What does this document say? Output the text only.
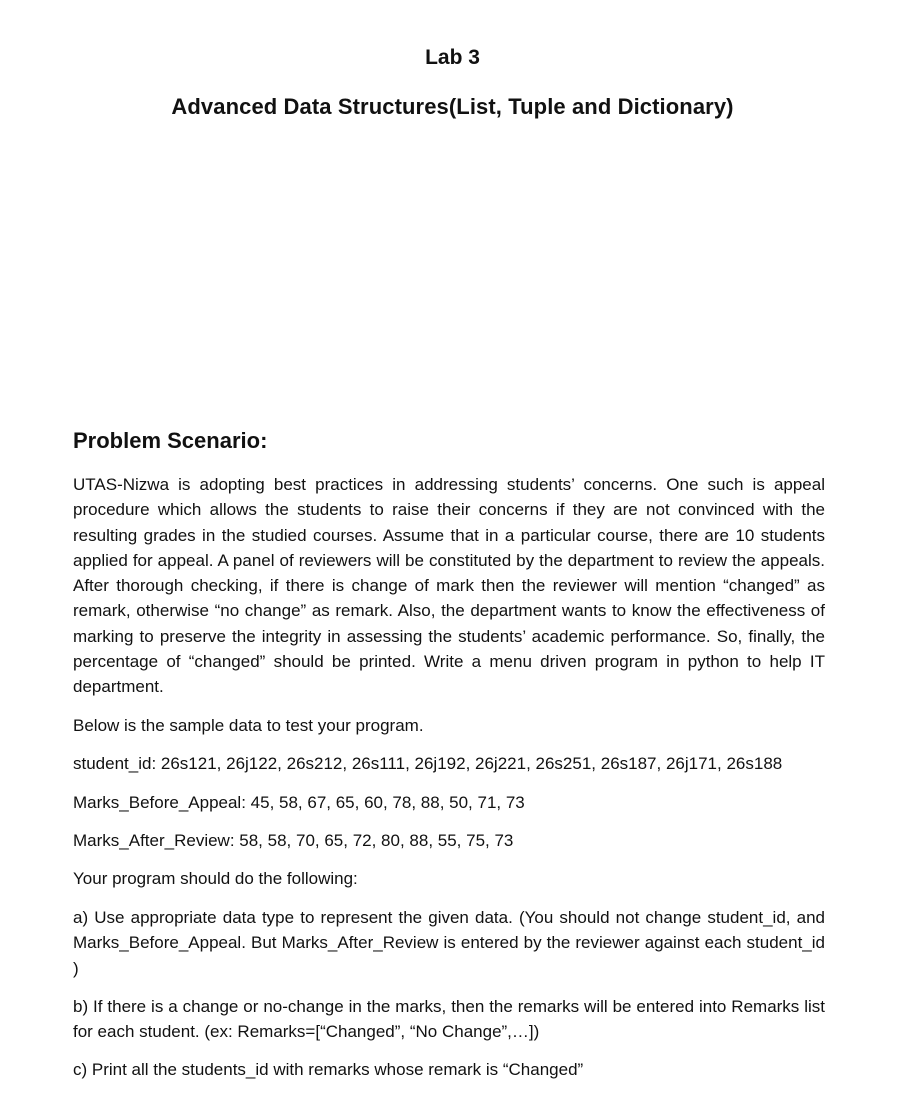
Lab 3
Advanced Data Structures(List, Tuple and Dictionary)
Problem Scenario:

UTAS-Nizwa is adopting best practices in addressing students’ concerns. One such is appeal procedure which allows the students to raise their concerns if they are not convinced with the resulting grades in the studied courses. Assume that in a particular course, there are 10 students applied for appeal. A panel of reviewers will be constituted by the department to review the appeals. After thorough checking, if there is change of mark then the reviewer will mention “changed” as remark, otherwise “no change” as remark. Also, the department wants to know the effectiveness of marking to preserve the integrity in assessing the students’ academic performance. So, finally, the percentage of “changed” should be printed. Write a menu driven program in python to help IT department.

Below is the sample data to test your program.

student_id: 26s121, 26j122, 26s212, 26s111, 26j192, 26j221, 26s251, 26s187, 26j171, 26s188

Marks_Before_Appeal: 45, 58, 67, 65, 60, 78, 88, 50, 71, 73

Marks_After_Review: 58, 58, 70, 65, 72, 80, 88, 55, 75, 73

Your program should do the following:

a) Use appropriate data type to represent the given data. (You should not change student_id, and Marks_Before_Appeal. But Marks_After_Review is entered by the reviewer against each student_id )

b) If there is a change or no-change in the marks, then the remarks will be entered into Remarks list for each student. (ex: Remarks=[“Changed”, “No Change”,…])

c) Print all the students_id with remarks whose remark is “Changed”
